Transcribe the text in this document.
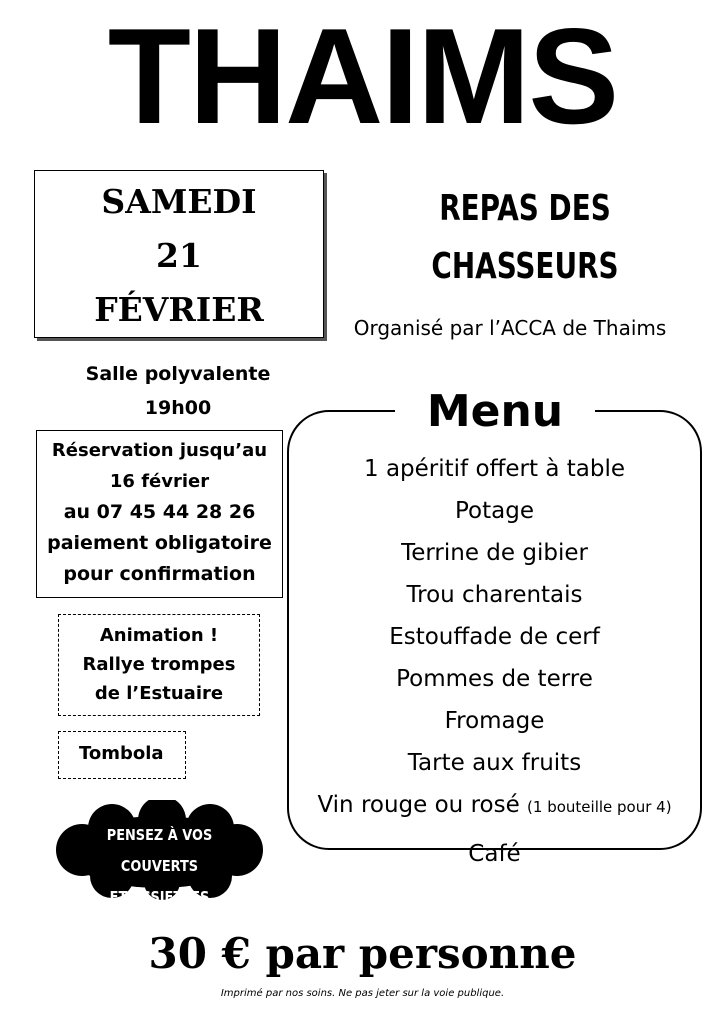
THAIMS
SAMEDI
21
FÉVRIER
REPAS DES
CHASSEURS
Organisé par l’ACCA de Thaims
Salle polyvalente
19h00
Réservation jusqu’au
16 février
au 07 45 44 28 26
paiement obligatoire
pour confirmation
Animation !
Rallye trompes
de l’Estuaire
Tombola
PENSEZ À VOS COUVERTS
ET ASSIETTES
Menu
1 apéritif offert à table
Potage
Terrine de gibier
Trou charentais
Estouffade de cerf
Pommes de terre
Fromage
Tarte aux fruits
Vin rouge ou rosé (1 bouteille pour 4)
Café
30 € par personne
Imprimé par nos soins. Ne pas jeter sur la voie publique.
